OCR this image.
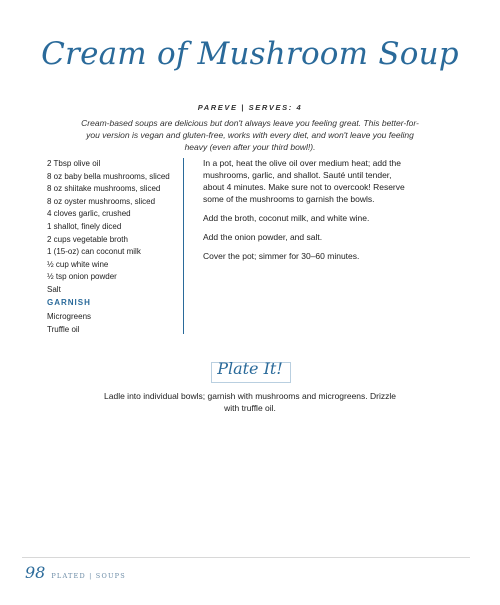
Cream of Mushroom Soup
PAREVE | SERVES: 4
Cream-based soups are delicious but don't always leave you feeling great. This better-for-you version is vegan and gluten-free, works with every diet, and won't leave you feeling heavy (even after your third bowl!).
2 Tbsp olive oil
8 oz baby bella mushrooms, sliced
8 oz shiitake mushrooms, sliced
8 oz oyster mushrooms, sliced
4 cloves garlic, crushed
1 shallot, finely diced
2 cups vegetable broth
1 (15-oz) can coconut milk
½ cup white wine
½ tsp onion powder
Salt
GARNISH
Microgreens
Truffle oil

In a pot, heat the olive oil over medium heat; add the mushrooms, garlic, and shallot. Sauté until tender, about 4 minutes. Make sure not to overcook! Reserve some of the mushrooms to garnish the bowls.

Add the broth, coconut milk, and white wine.

Add the onion powder, and salt.

Cover the pot; simmer for 30–60 minutes.

Plate It!
Ladle into individual bowls; garnish with mushrooms and microgreens. Drizzle with truffle oil.
98 PLATED | SOUPS
